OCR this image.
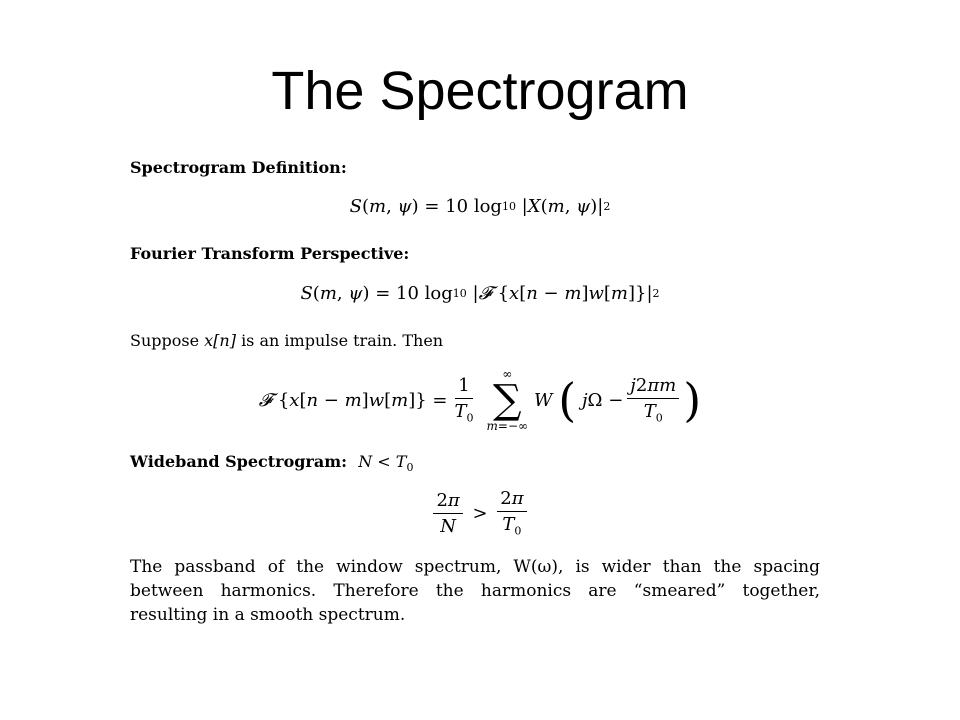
The Spectrogram
Spectrogram Definition:
S ( m , ψ ) = 10 log 10 | X ( m , ψ )| 2
Fourier Transform Perspective:
S ( m , ψ ) = 10 log 10 | 𝓕 { x [ n − m ] w [ m ]}| 2
Suppose x[n] is an impulse train. Then
𝓕 { x [ n − m ] w [ m ]} = $\frac{1}{T_0}$
∞
∑
m=−∞
W
(
j $\Omega - \frac{j2\pi m}{T_0}$ )
Wideband Spectrogram: $N < T_0$
$\frac{2\pi}{N} > \frac{2\pi}{T_0}$
The passband of the window spectrum, W(ω), is wider than the spacing between harmonics. Therefore the harmonics are “smeared” together, resulting in a smooth spectrum.
